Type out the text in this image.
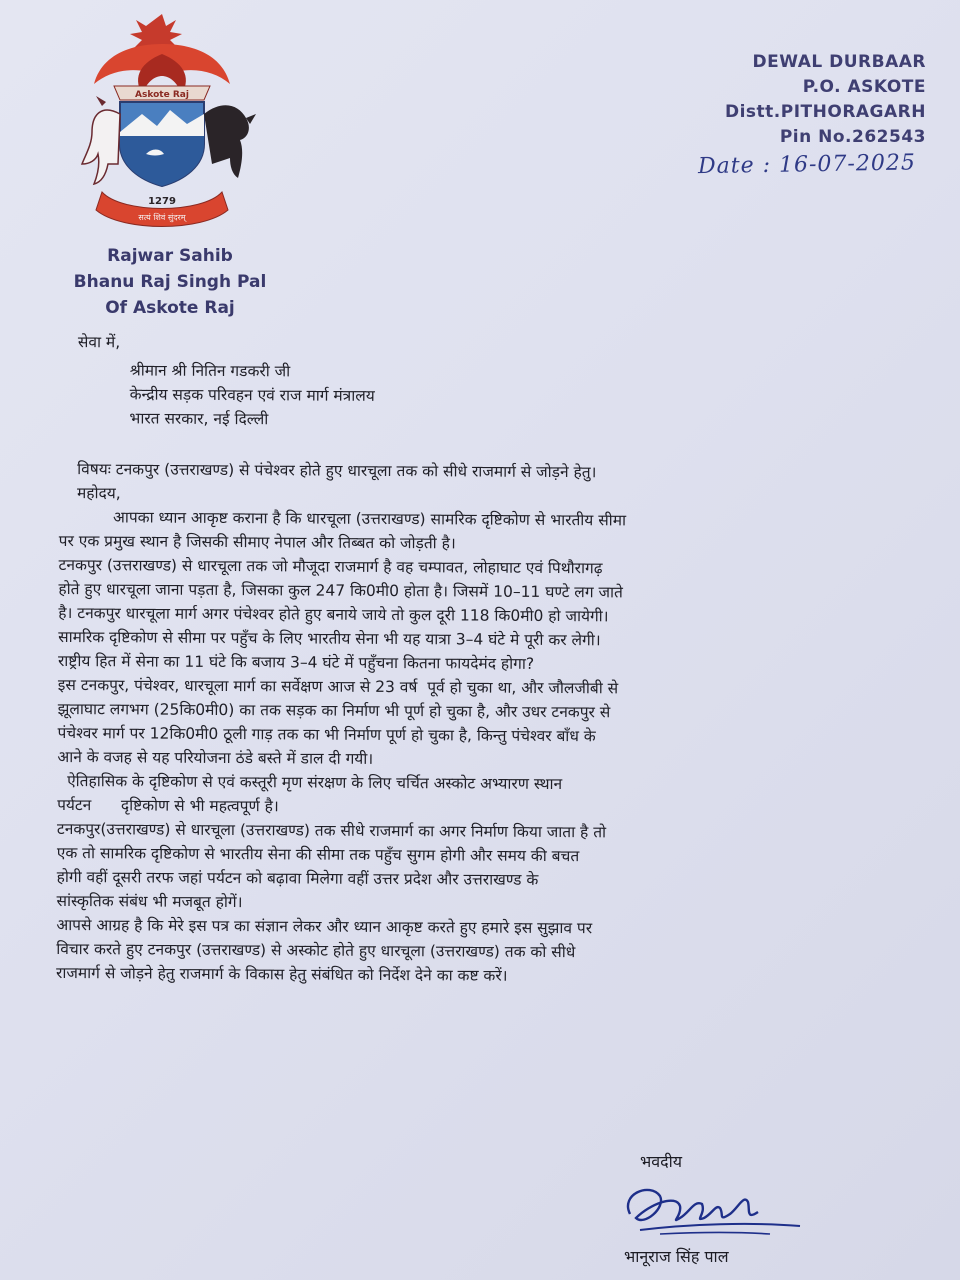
Askote Raj
1279
सत्यं शिवं सुंदरम्
DEWAL DURBAAR
P.O. ASKOTE
Distt.PITHORAGARH
Pin No.262543
Date : 16-07-2025
Rajwar Sahib
Bhanu Raj Singh Pal
Of Askote Raj
सेवा में,
श्रीमान श्री नितिन गडकरी जी
केन्द्रीय सड़क परिवहन एवं राज मार्ग मंत्रालय
भारत सरकार, नई दिल्ली
विषयः टनकपुर (उत्तराखण्ड) से पंचेश्वर होते हुए धारचूला तक को सीधे राजमार्ग से जोड़ने हेतु।
महोदय,
आपका ध्यान आकृष्ट कराना है कि धारचूला (उत्तराखण्ड) सामरिक दृष्टिकोण से भारतीय सीमा
पर एक प्रमुख स्थान है जिसकी सीमाए नेपाल और तिब्बत को जोड़ती है।
टनकपुर (उत्तराखण्ड) से धारचूला तक जो मौजूदा राजमार्ग है वह चम्पावत, लोहाघाट एवं पिथौरागढ़
होते हुए धारचूला जाना पड़ता है, जिसका कुल 247 कि0मी0 होता है। जिसमें 10–11 घण्टे लग जाते
है। टनकपुर धारचूला मार्ग अगर पंचेश्वर होते हुए बनाये जाये तो कुल दूरी 118 कि0मी0 हो जायेगी।
सामरिक दृष्टिकोण से सीमा पर पहुँच के लिए भारतीय सेना भी यह यात्रा 3–4 घंटे मे पूरी कर लेगी।
राष्ट्रीय हित में सेना का 11 घंटे कि बजाय 3–4 घंटे में पहुँचना कितना फायदेमंद होगा?
इस टनकपुर, पंचेश्वर, धारचूला मार्ग का सर्वेक्षण आज से 23 वर्ष  पूर्व हो चुका था, और जौलजीबी से
झूलाघाट लगभग (25कि0मी0) का तक सड़क का निर्माण भी पूर्ण हो चुका है, और उधर टनकपुर से
पंचेश्वर मार्ग पर 12कि0मी0 ठूली गाड़ तक का भी निर्माण पूर्ण हो चुका है, किन्तु पंचेश्वर बाँध के
आने के वजह से यह परियोजना ठंडे बस्ते में डाल दी गयी।
ऐतिहासिक के दृष्टिकोण से एवं कस्तूरी मृण संरक्षण के लिए चर्चित अस्कोट अभ्यारण स्थान
पर्यटन      दृष्टिकोण से भी महत्वपूर्ण है।
टनकपुर(उत्तराखण्ड) से धारचूला (उत्तराखण्ड) तक सीधे राजमार्ग का अगर निर्माण किया जाता है तो
एक तो सामरिक दृष्टिकोण से भारतीय सेना की सीमा तक पहुँच सुगम होगी और समय की बचत
होगी वहीं दूसरी तरफ जहां पर्यटन को बढ़ावा मिलेगा वहीं उत्तर प्रदेश और उत्तराखण्ड के
सांस्कृतिक संबंध भी मजबूत होगें।
आपसे आग्रह है कि मेरे इस पत्र का संज्ञान लेकर और ध्यान आकृष्ट करते हुए हमारे इस सुझाव पर
विचार करते हुए टनकपुर (उत्तराखण्ड) से अस्कोट होते हुए धारचूला (उत्तराखण्ड) तक को सीधे
राजमार्ग से जोड़ने हेतु राजमार्ग के विकास हेतु संबंधित को निर्देश देने का कष्ट करें।
भवदीय
भानूराज सिंह पाल
